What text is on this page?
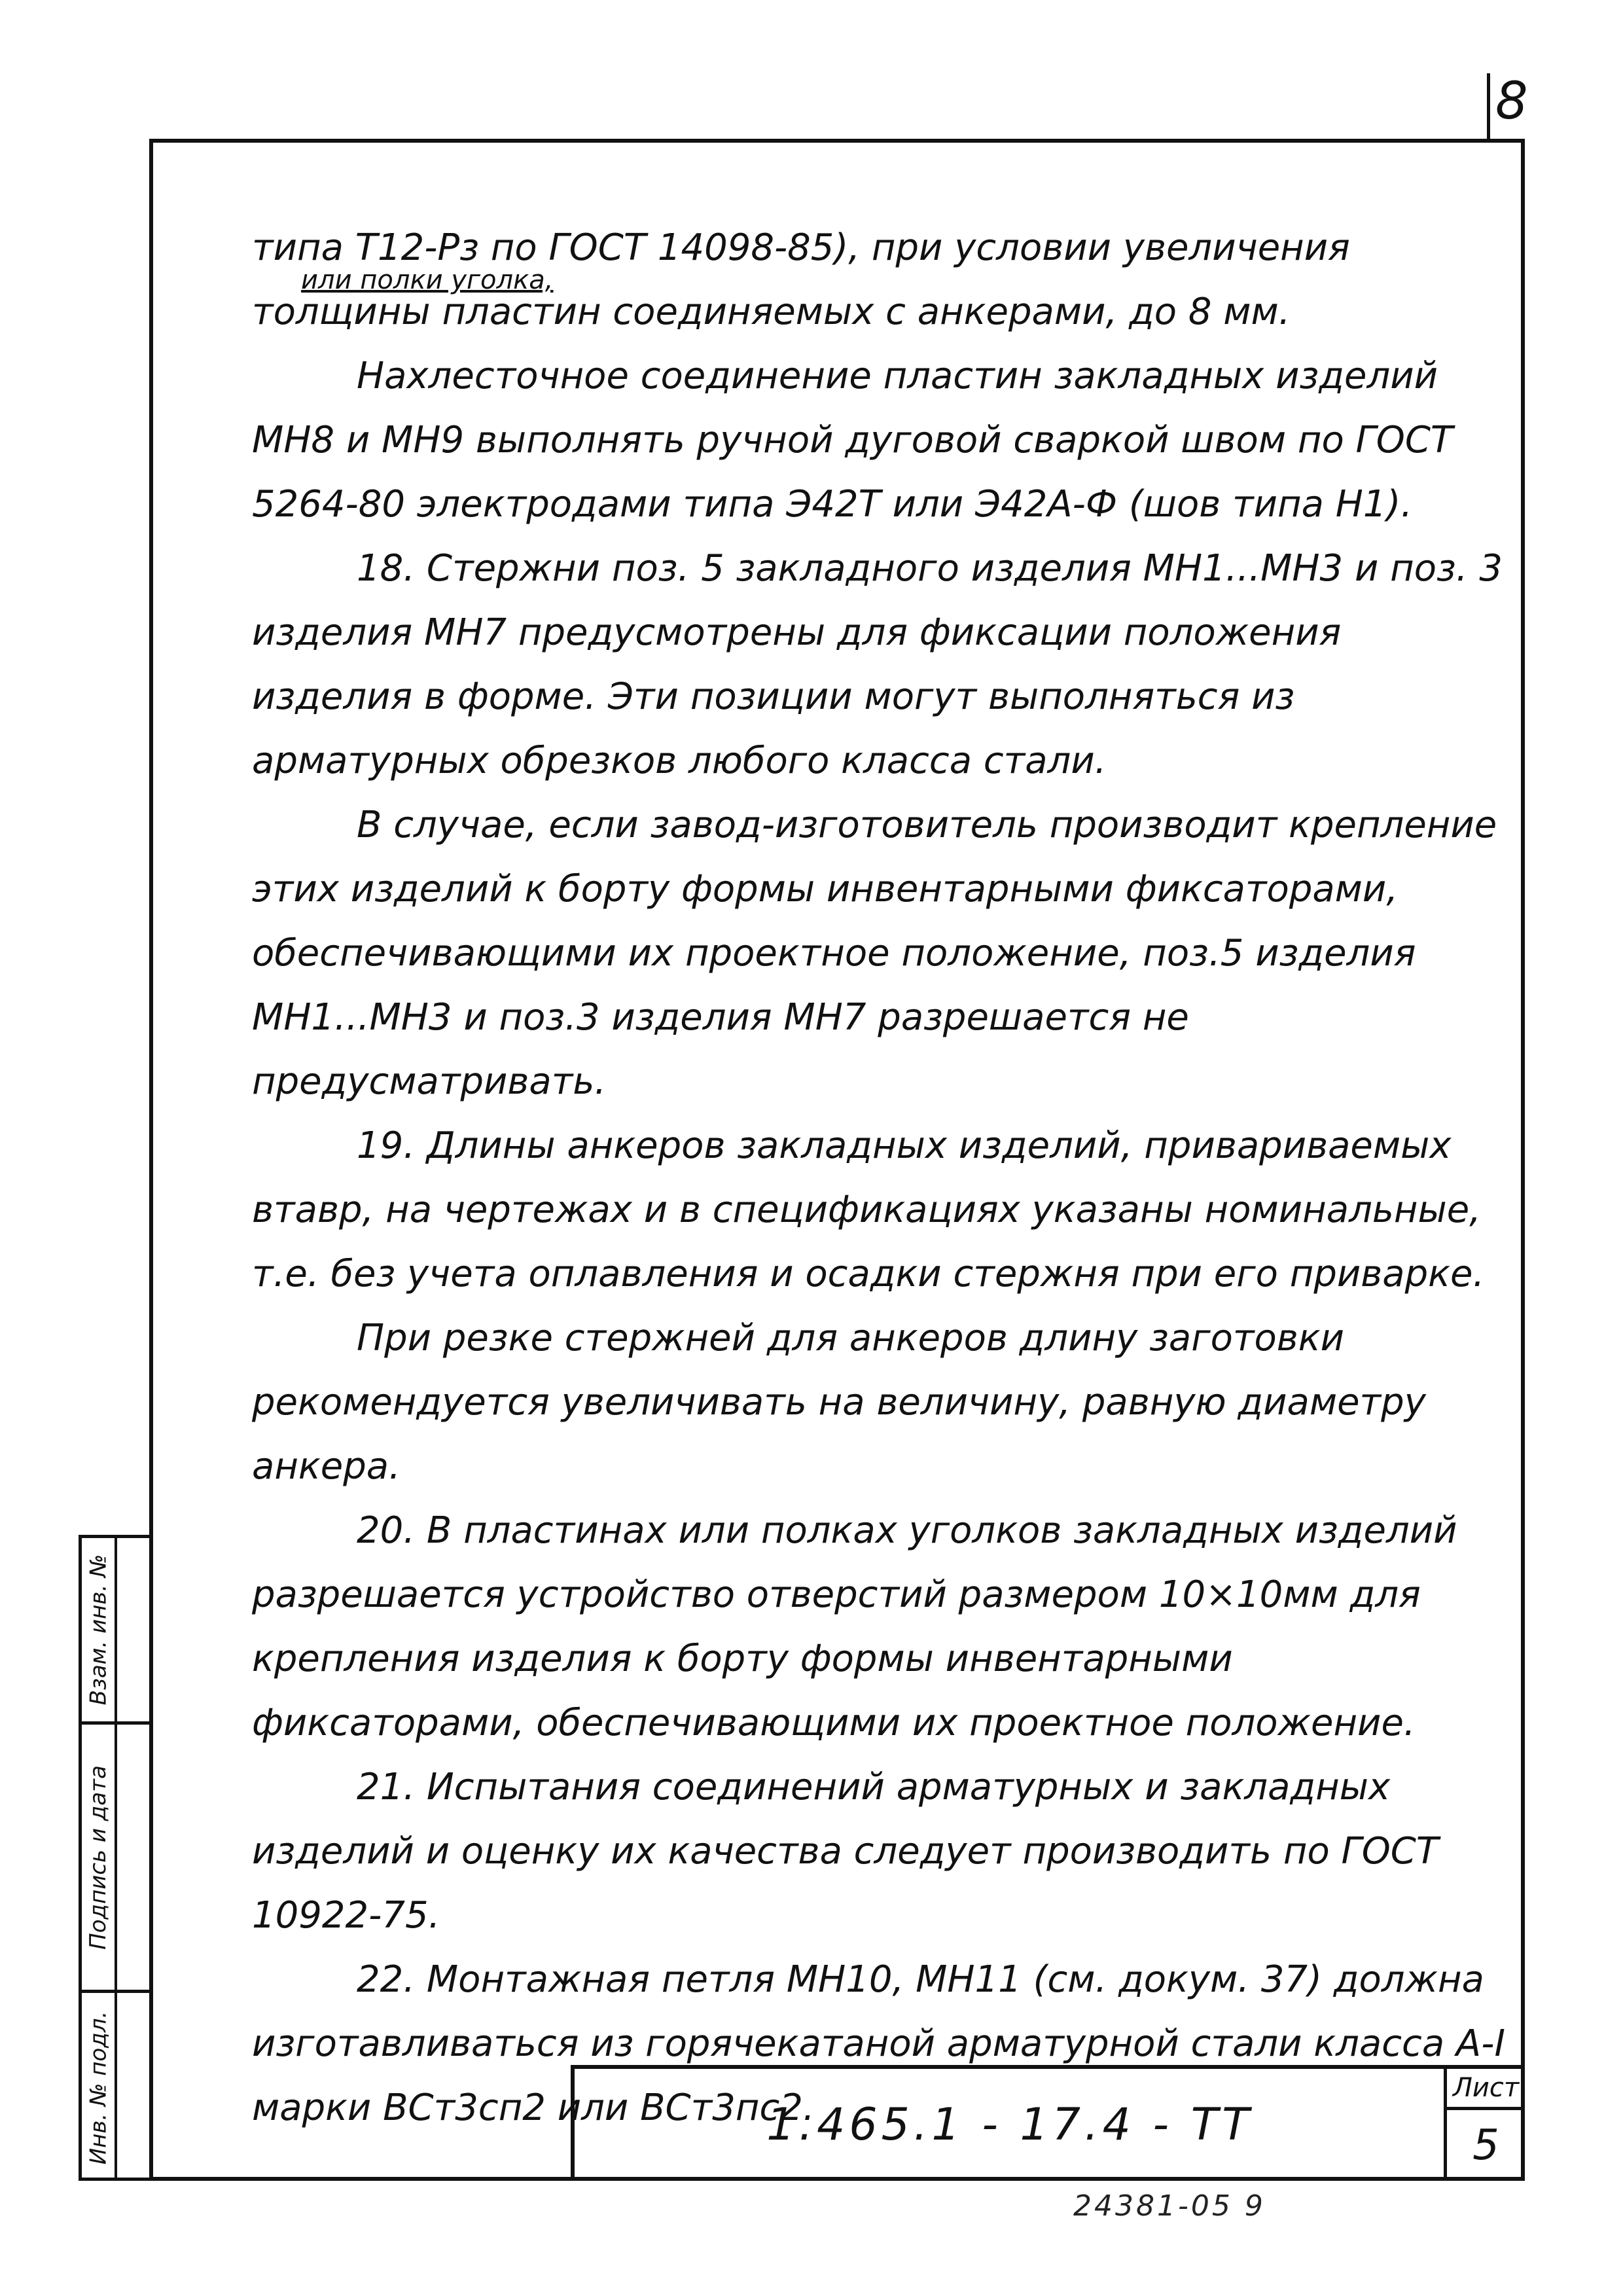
8
или полки уголка,

типа Т12-Рз по ГОСТ 14098-85), при условии увеличения толщины пластин соединяемых с анкерами, до 8 мм.

Нахлесточное соединение пластин закладных изделий МН8 и МН9 выполнять ручной дуговой сваркой швом по ГОСТ 5264-80 электродами типа Э42Т или Э42А-Ф (шов типа Н1).

18. Стержни поз. 5 закладного изделия МН1...МН3 и поз. 3 изделия МН7 предусмотрены для фиксации положения изделия в форме. Эти позиции могут выполняться из арматурных обрезков любого класса стали.

В случае, если завод-изготовитель производит крепление этих изделий к борту формы инвентарными фиксаторами, обеспечивающими их проектное положение, поз.5 изделия МН1...МН3 и поз.3 изделия МН7 разрешается не предусматривать.

19. Длины анкеров закладных изделий, привариваемых втавр, на чертежах и в спецификациях указаны номинальные, т.е. без учета оплавления и осадки стержня при его приварке.

При резке стержней для анкеров длину заготовки рекомендуется увеличивать на величину, равную диаметру анкера.

20. В пластинах или полках уголков закладных изделий разрешается устройство отверстий размером 10×10мм для крепления изделия к борту формы инвентарными фиксаторами, обеспечивающими их проектное положение.

21. Испытания соединений арматурных и закладных изделий и оценку их качества следует производить по ГОСТ 10922-75.

22. Монтажная петля МН10, МН11 (см. докум. 37) должна изготавливаться из горячекатаной арматурной стали класса А-I марки ВСт3сп2 или ВСт3пс2.

Взам. инв. №
Подпись и дата
Инв. № подл.	1.465.1 - 17.4 - ТТ
Лист
5
24381-05 9
